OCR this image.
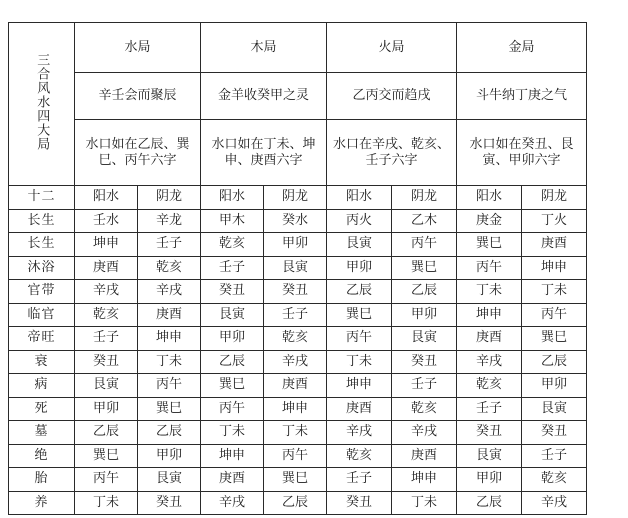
三合风水四大局	水局		木局		火局		金局	
	辛壬会而聚辰		金羊收癸甲之灵		乙丙交而趋戌		斗牛纳丁庚之气	
	水口如在乙辰、巽巳、丙午六字		水口如在丁未、坤申、庚酉六字		水口在辛戌、乾亥、壬子六字		水口如在癸丑、艮寅、甲卯六字	
十二	阳水	阴龙	阳水	阴龙	阳水	阴龙	阳水	阴龙
长生	壬水	辛龙	甲木	癸水	丙火	乙木	庚金	丁火
长生	坤申	壬子	乾亥	甲卯	艮寅	丙午	巽巳	庚酉
沐浴	庚酉	乾亥	壬子	艮寅	甲卯	巽巳	丙午	坤申
官带	辛戌	辛戌	癸丑	癸丑	乙辰	乙辰	丁未	丁未
临官	乾亥	庚酉	艮寅	壬子	巽巳	甲卯	坤申	丙午
帝旺	壬子	坤申	甲卯	乾亥	丙午	艮寅	庚酉	巽巳
衰	癸丑	丁未	乙辰	辛戌	丁未	癸丑	辛戌	乙辰
病	艮寅	丙午	巽巳	庚酉	坤申	壬子	乾亥	甲卯
死	甲卯	巽巳	丙午	坤申	庚酉	乾亥	壬子	艮寅
墓	乙辰	乙辰	丁未	丁未	辛戌	辛戌	癸丑	癸丑
绝	巽巳	甲卯	坤申	丙午	乾亥	庚酉	艮寅	壬子
胎	丙午	艮寅	庚酉	巽巳	壬子	坤申	甲卯	乾亥
养	丁未	癸丑	辛戌	乙辰	癸丑	丁未	乙辰	辛戌
